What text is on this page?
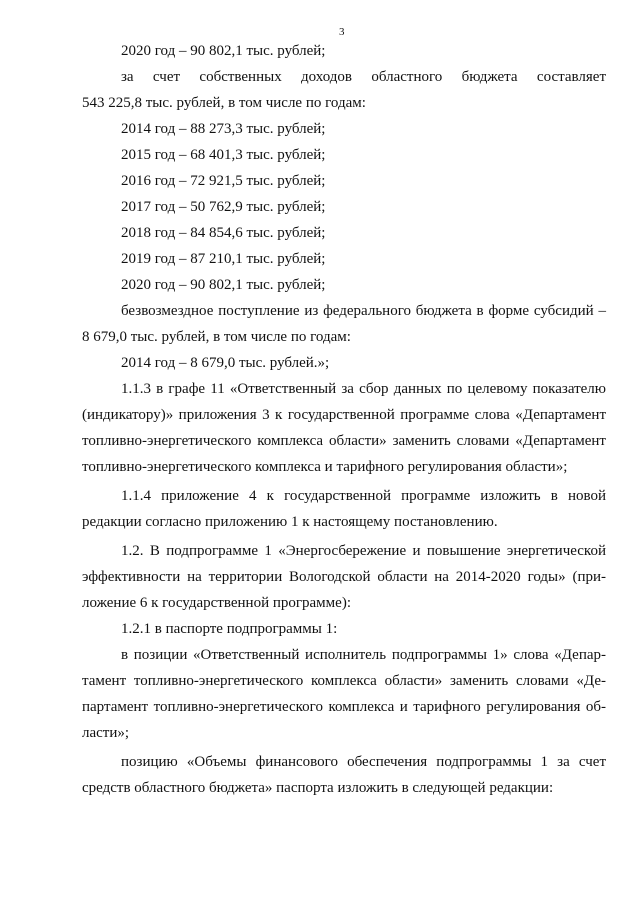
3
2020 год – 90 802,1 тыс. рублей;
за счет собственных доходов областного бюджета составляет
543 225,8 тыс. рублей, в том числе по годам:
2014 год – 88 273,3 тыс. рублей;
2015 год – 68 401,3 тыс. рублей;
2016 год – 72 921,5 тыс. рублей;
2017 год – 50 762,9 тыс. рублей;
2018 год – 84 854,6 тыс. рублей;
2019 год – 87 210,1 тыс. рублей;
2020 год – 90 802,1 тыс. рублей;
безвозмездное поступление из федерального бюджета в форме субсидий –
8 679,0 тыс. рублей, в том числе по годам:
2014 год – 8 679,0 тыс. рублей.»;
1.1.3 в графе 11 «Ответственный за сбор данных по целевому показателю
(индикатору)» приложения 3 к государственной программе слова «Департамент
топливно-энергетического комплекса области» заменить словами «Департамент
топливно-энергетического комплекса и тарифного регулирования области»;
1.1.4 приложение 4 к государственной программе изложить в новой
редакции согласно приложению 1 к настоящему постановлению.
1.2. В подпрограмме 1 «Энергосбережение и повышение энергетической
эффективности на территории Вологодской области на 2014-2020 годы» (при-
ложение 6 к государственной программе):
1.2.1 в паспорте подпрограммы 1:
в позиции «Ответственный исполнитель подпрограммы 1» слова «Депар-
тамент топливно-энергетического комплекса области» заменить словами «Де-
партамент топливно-энергетического комплекса и тарифного регулирования об-
ласти»;
позицию «Объемы финансового обеспечения подпрограммы 1 за счет
средств областного бюджета» паспорта изложить в следующей редакции:
